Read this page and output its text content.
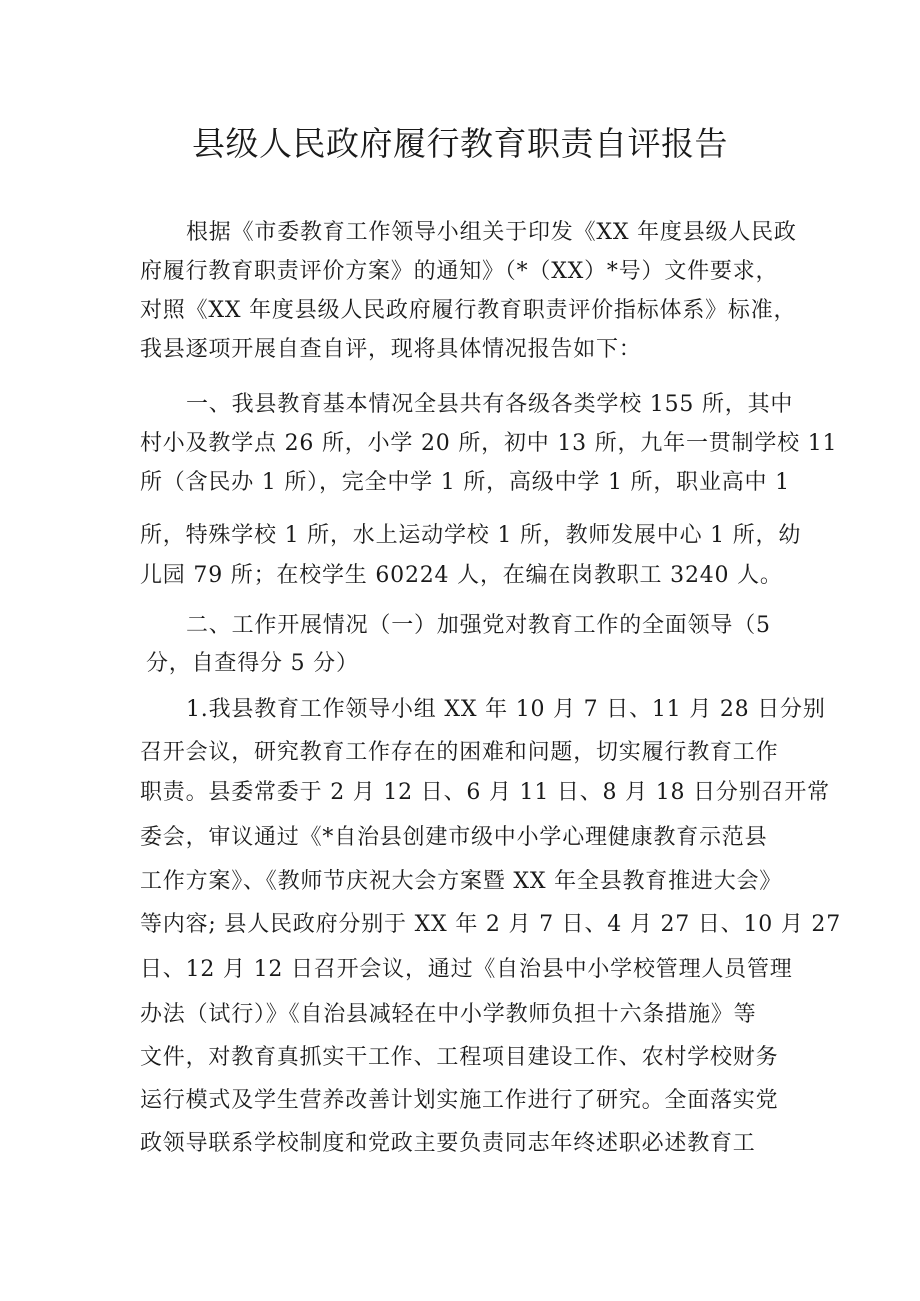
县级人民政府履行教育职责自评报告
根据《市委教育工作领导小组关于印发《XX 年度县级人民政
府履行教育职责评价方案》的通知》（*（XX）*号）文件要求，
对照《XX 年度县级人民政府履行教育职责评价指标体系》标准，
我县逐项开展自查自评，现将具体情况报告如下：
一、我县教育基本情况全县共有各级各类学校 155 所，其中
村小及教学点 26 所，小学 20 所，初中 13 所，九年一贯制学校 11
所（含民办 1 所），完全中学 1 所，高级中学 1 所，职业高中 1
所，特殊学校 1 所，水上运动学校 1 所，教师发展中心 1 所，幼
儿园 79 所；在校学生 60224 人，在编在岗教职工 3240 人。
二、工作开展情况（一）加强党对教育工作的全面领导（5
分，自查得分 5 分）
1.我县教育工作领导小组 XX 年 10 月 7 日、11 月 28 日分别
召开会议，研究教育工作存在的困难和问题，切实履行教育工作
职责。县委常委于 2 月 12 日、6 月 11 日、8 月 18 日分别召开常
委会，审议通过《*自治县创建市级中小学心理健康教育示范县
工作方案》、《教师节庆祝大会方案暨 XX 年全县教育推进大会》
等内容; 县人民政府分别于 XX 年 2 月 7 日、4 月 27 日、10 月 27
日、12 月 12 日召开会议，通过《自治县中小学校管理人员管理
办法（试行）》《自治县减轻在中小学教师负担十六条措施》等
文件，对教育真抓实干工作、工程项目建设工作、农村学校财务
运行模式及学生营养改善计划实施工作进行了研究。全面落实党
政领导联系学校制度和党政主要负责同志年终述职必述教育工
